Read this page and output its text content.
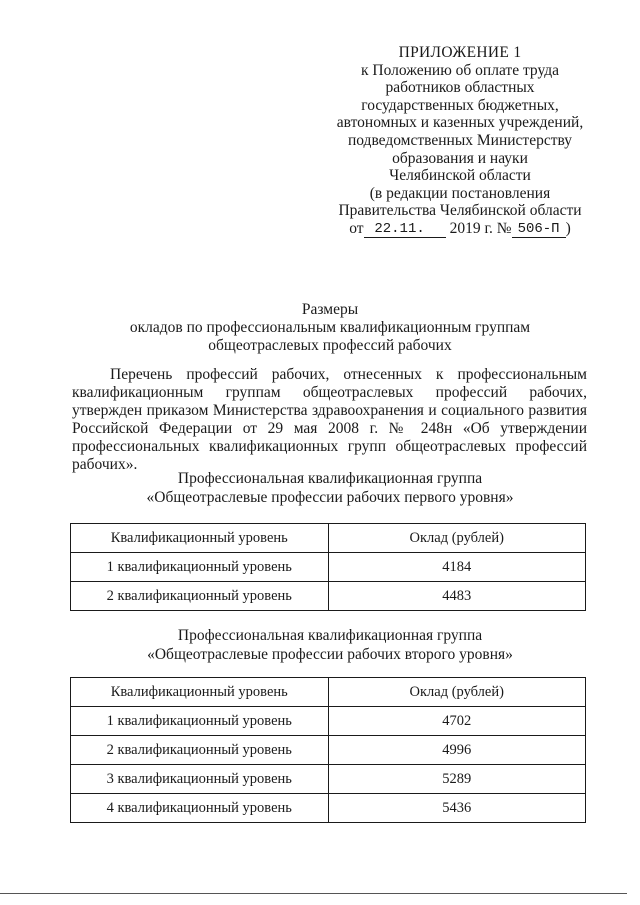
ПРИЛОЖЕНИЕ 1
к Положению об оплате труда
работников областных
государственных бюджетных,
автономных и казенных учреждений,
подведомственных Министерству
образования и науки
Челябинской области
(в редакции постановления
Правительства Челябинской области
от 22.11.	2019 г. № 506-П )
Размеры
окладов по профессиональным квалификационным группам
общеотраслевых профессий рабочих
Перечень профессий рабочих, отнесенных к профессиональным квалификационным группам общеотраслевых профессий рабочих, утвержден приказом Министерства здравоохранения и социального развития Российской Федерации от 29 мая 2008 г. № 248н «Об утверждении профессиональных квалификационных групп общеотраслевых профессий рабочих».
Профессиональная квалификационная группа
«Общеотраслевые профессии рабочих первого уровня»
Квалификационный уровень	Оклад (рублей)
1 квалификационный уровень	4184
2 квалификационный уровень	4483
Профессиональная квалификационная группа
«Общеотраслевые профессии рабочих второго уровня»
Квалификационный уровень	Оклад (рублей)
1 квалификационный уровень	4702
2 квалификационный уровень	4996
3 квалификационный уровень	5289
4 квалификационный уровень	5436
